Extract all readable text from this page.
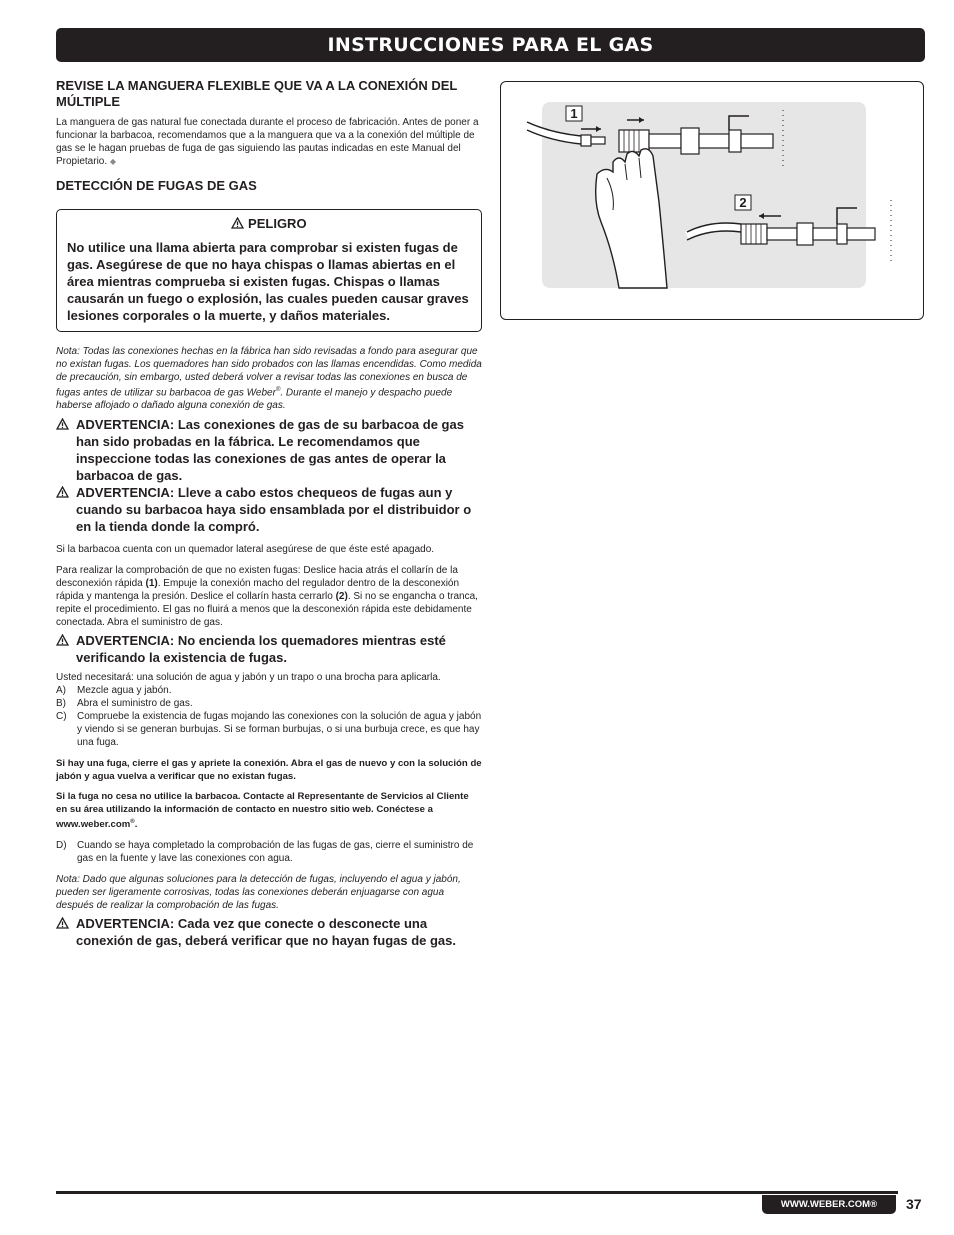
INSTRUCCIONES PARA EL GAS

REVISE LA MANGUERA FLEXIBLE QUE VA A LA CONEXIÓN DEL MÚLTIPLE

La manguera de gas natural fue conectada durante el proceso de fabricación. Antes de poner a funcionar la barbacoa, recomendamos que a la manguera que va a la conexión del múltiple de gas se le hagan pruebas de fuga de gas siguiendo las pautas indicadas en este Manual del Propietario. ◆

DETECCIÓN DE FUGAS DE GAS

PELIGRO
No utilice una llama abierta para comprobar si existen fugas de gas. Asegúrese de que no haya chispas o llamas abiertas en el área mientras comprueba si existen fugas. Chispas o llamas causarán un fuego o explosión, las cuales pueden causar graves lesiones corporales o la muerte, y daños materiales.

Nota: Todas las conexiones hechas en la fábrica han sido revisadas a fondo para asegurar que no existan fugas. Los quemadores han sido probados con las llamas encendidas. Como medida de precaución, sin embargo, usted deberá volver a revisar todas las conexiones en busca de fugas antes de utilizar su barbacoa de gas Weber®. Durante el manejo y despacho puede haberse aflojado o dañado alguna conexión de gas.

ADVERTENCIA: Las conexiones de gas de su barbacoa de gas han sido probadas en la fábrica. Le recomendamos que inspeccione todas las conexiones de gas antes de operar la barbacoa de gas.
ADVERTENCIA: Lleve a cabo estos chequeos de fugas aun y cuando su barbacoa haya sido ensamblada por el distribuidor o en la tienda donde la compró.

Si la barbacoa cuenta con un quemador lateral asegúrese de que éste esté apagado.

Para realizar la comprobación de que no existen fugas: Deslice hacia atrás el collarín de la desconexión rápida (1). Empuje la conexión macho del regulador dentro de la desconexión rápida y mantenga la presión. Deslice el collarín hasta cerrarlo (2). Si no se engancha o tranca, repite el procedimiento. El gas no fluirá a menos que la desconexión rápida este debidamente conectada. Abra el suministro de gas.

ADVERTENCIA: No encienda los quemadores mientras esté verificando la existencia de fugas.

Usted necesitará: una solución de agua y jabón y un trapo o una brocha para aplicarla.

A)	Mezcle agua y jabón.
B)	Abra el suministro de gas.
C)	Compruebe la existencia de fugas mojando las conexiones con la solución de agua y jabón y viendo si se generan burbujas. Si se forman burbujas, o si una burbuja crece, es que hay una fuga.

Si hay una fuga, cierre el gas y apriete la conexión. Abra el gas de nuevo y con la solución de jabón y agua vuelva a verificar que no existan fugas.

Si la fuga no cesa no utilice la barbacoa. Contacte al Representante de Servicios al Cliente en su área utilizando la información de contacto en nuestro sitio web. Conéctese a www.weber.com®.

D)	Cuando se haya completado la comprobación de las fugas de gas, cierre el suministro de gas en la fuente y lave las conexiones con agua.

Nota: Dado que algunas soluciones para la detección de fugas, incluyendo el agua y jabón, pueden ser ligeramente corrosivas, todas las conexiones deberán enjuagarse con agua después de realizar la comprobación de las fugas.

ADVERTENCIA: Cada vez que conecte o desconecte una conexión de gas, deberá verificar que no hayan fugas de gas.
1
2
WWW.WEBER.COM®	37
